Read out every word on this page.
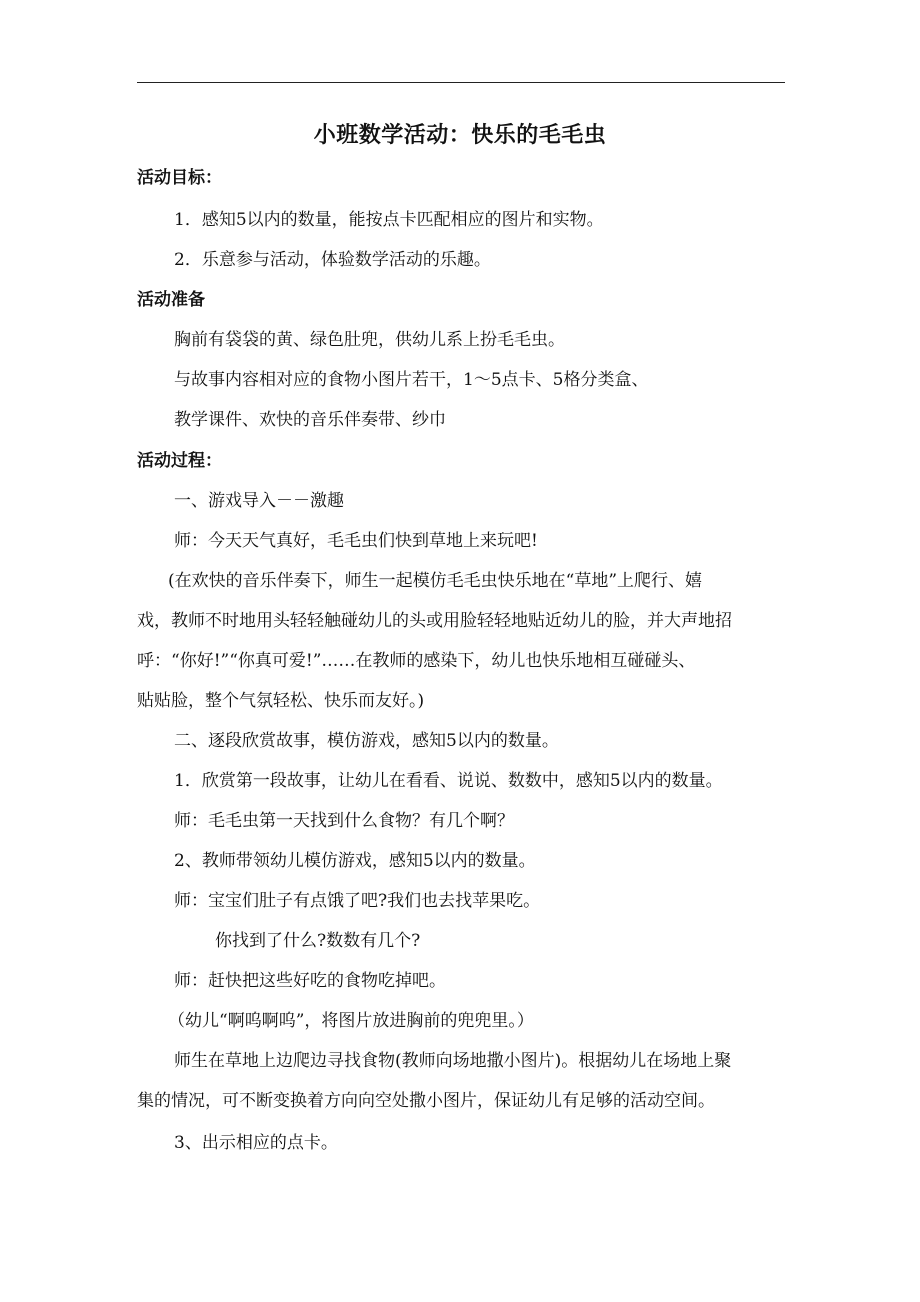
小班数学活动：快乐的毛毛虫
活动目标：
1．感知5以内的数量，能按点卡匹配相应的图片和实物。
2．乐意参与活动，体验数学活动的乐趣。
活动准备
胸前有袋袋的黄、绿色肚兜，供幼儿系上扮毛毛虫。
与故事内容相对应的食物小图片若干，1～5点卡、5格分类盒、
教学课件、欢快的音乐伴奏带、纱巾
活动过程：
一、游戏导入－－激趣
师：今天天气真好，毛毛虫们快到草地上来玩吧!
(在欢快的音乐伴奏下，师生一起模仿毛毛虫快乐地在“草地”上爬行、嬉
戏，教师不时地用头轻轻触碰幼儿的头或用脸轻轻地贴近幼儿的脸，并大声地招
呼：“你好!”“你真可爱!”……在教师的感染下，幼儿也快乐地相互碰碰头、
贴贴脸，整个气氛轻松、快乐而友好。)
二、逐段欣赏故事，模仿游戏，感知5以内的数量。
1．欣赏第一段故事，让幼儿在看看、说说、数数中，感知5以内的数量。
师：毛毛虫第一天找到什么食物？有几个啊？
2、教师带领幼儿模仿游戏，感知5以内的数量。
师：宝宝们肚子有点饿了吧?我们也去找苹果吃。
你找到了什么?数数有几个?
师：赶快把这些好吃的食物吃掉吧。
（幼儿“啊呜啊呜”，将图片放进胸前的兜兜里。）
师生在草地上边爬边寻找食物(教师向场地撒小图片)。根据幼儿在场地上聚
集的情况，可不断变换着方向向空处撒小图片，保证幼儿有足够的活动空间。
3、出示相应的点卡。
